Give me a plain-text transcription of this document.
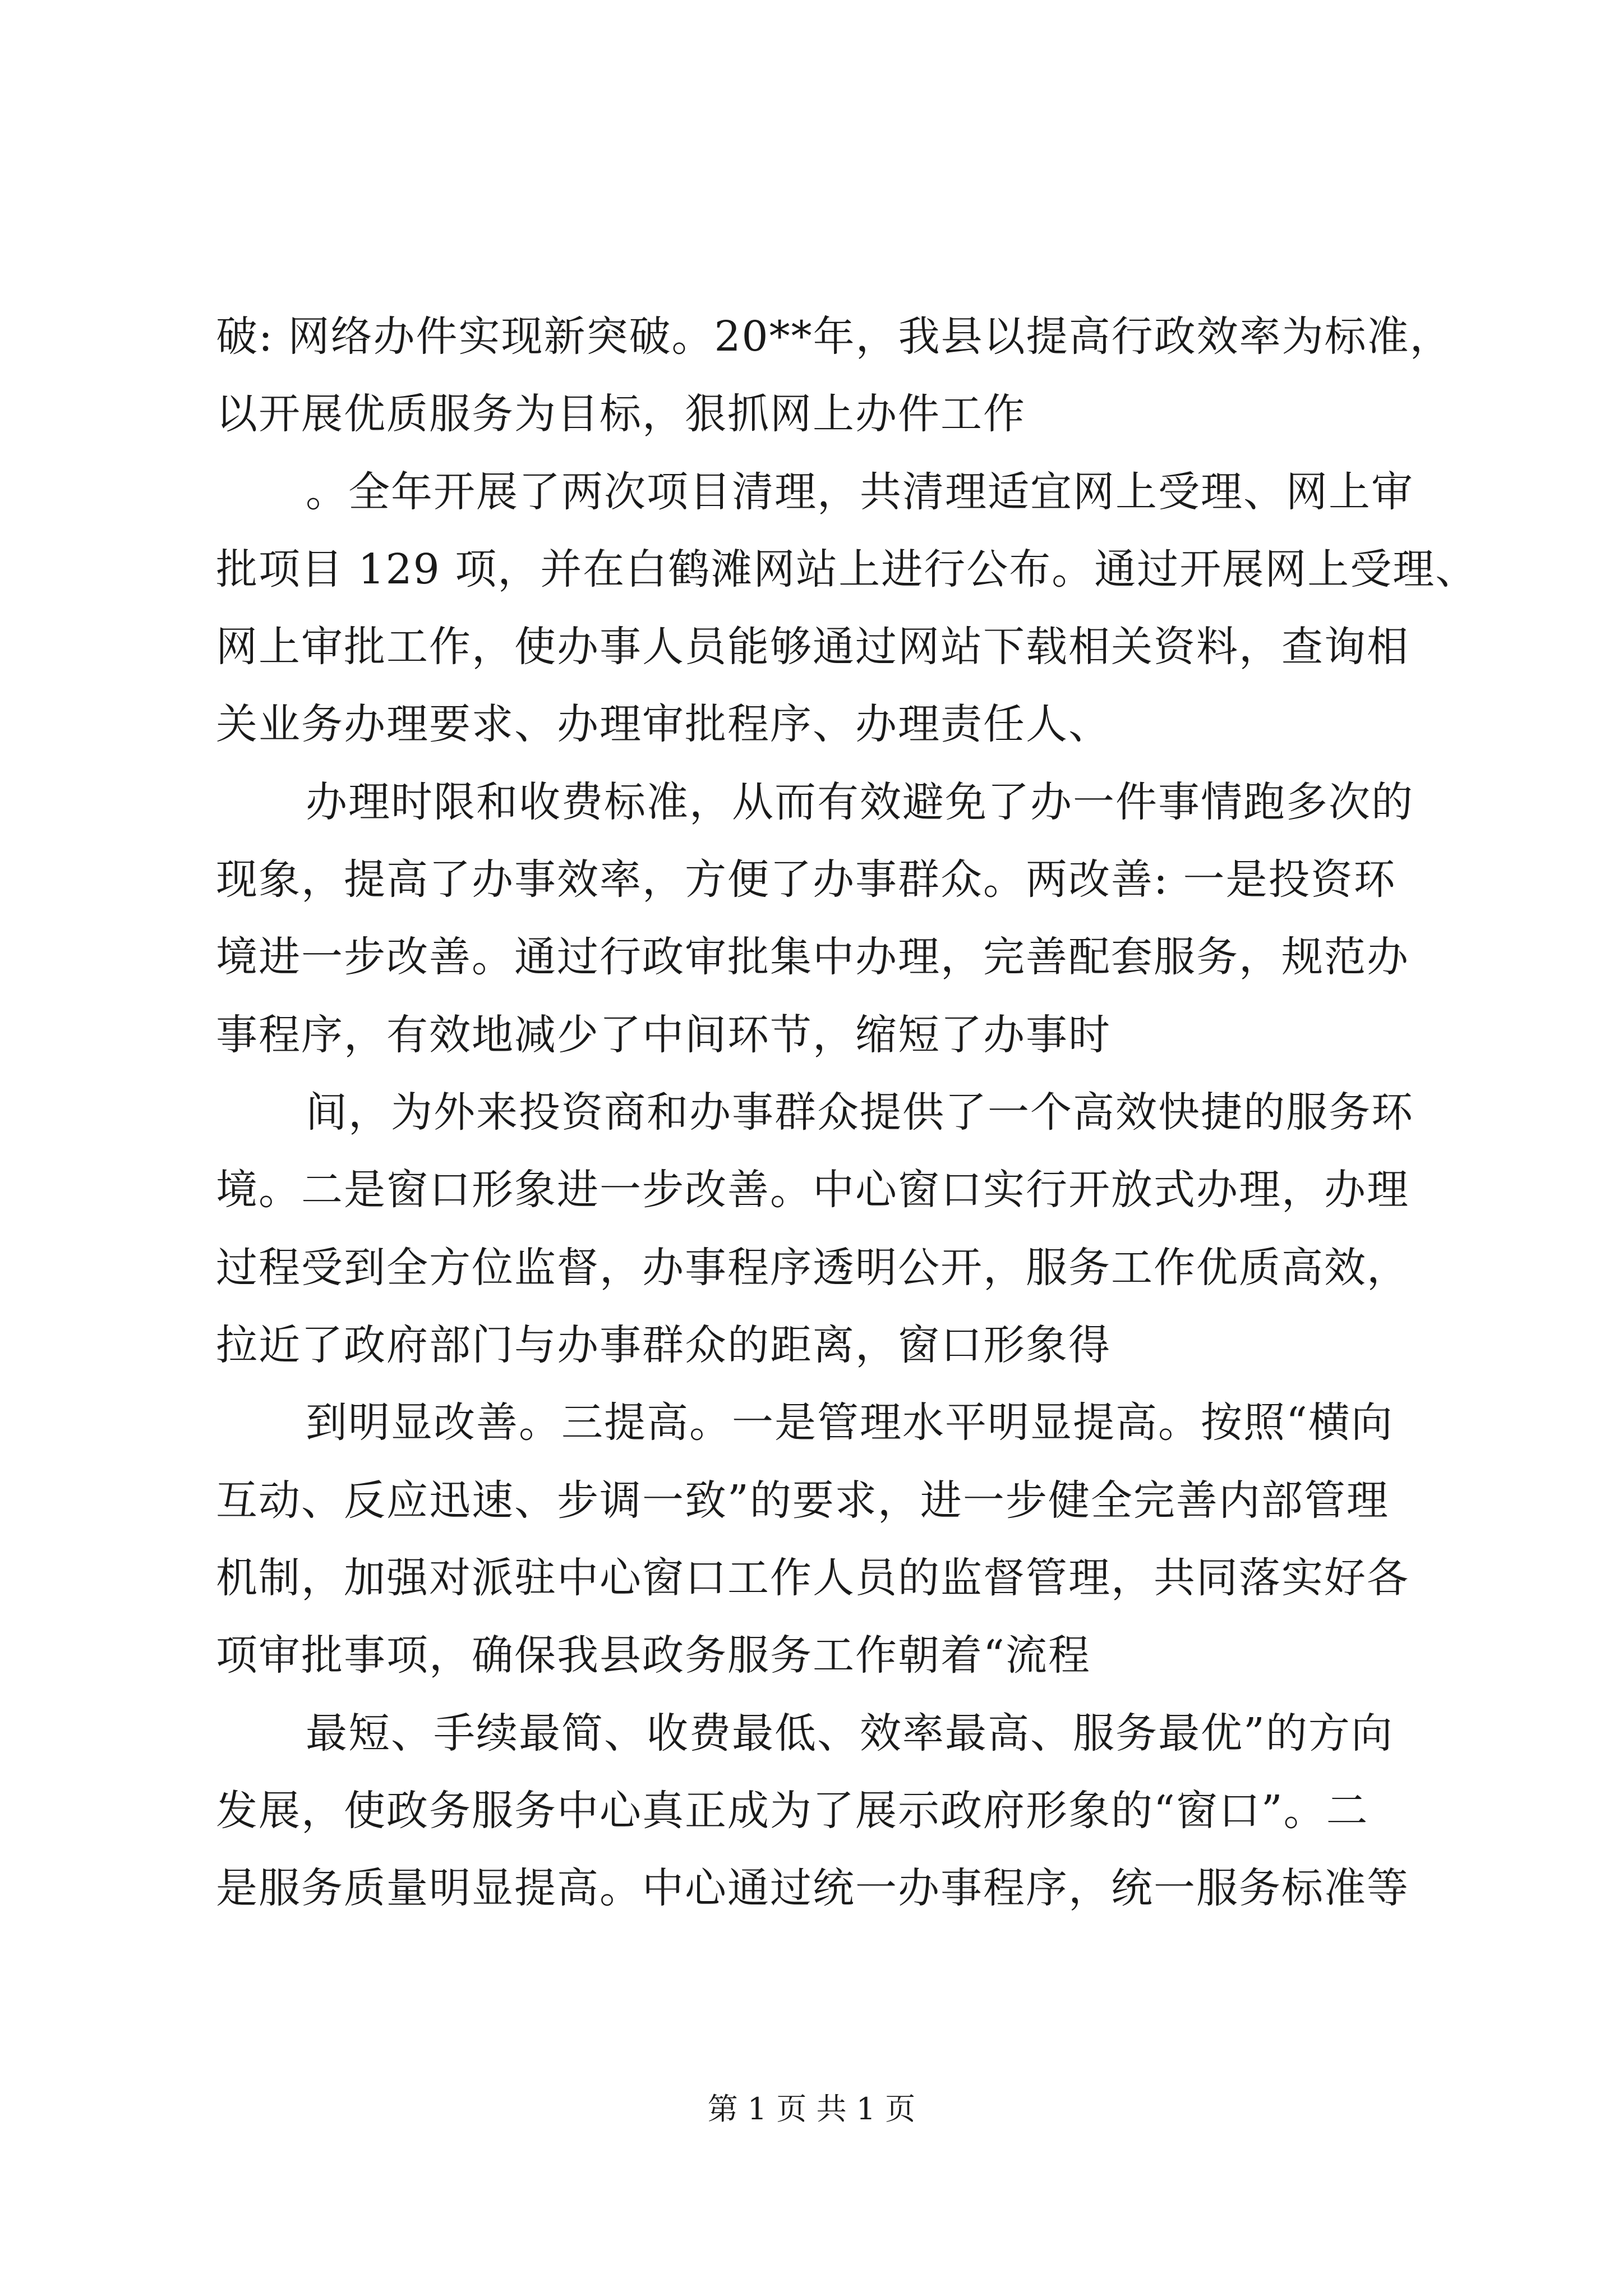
破: 网络办件实现新突破。20**年，我县以提高行政效率为标准，
以开展优质服务为目标，狠抓网上办件工作
。全年开展了两次项目清理，共清理适宜网上受理、网上审
批项目 129 项，并在白鹤滩网站上进行公布。通过开展网上受理、
网上审批工作，使办事人员能够通过网站下载相关资料，查询相
关业务办理要求、办理审批程序、办理责任人、
办理时限和收费标准，从而有效避免了办一件事情跑多次的
现象，提高了办事效率，方便了办事群众。两改善: 一是投资环
境进一步改善。通过行政审批集中办理，完善配套服务，规范办
事程序，有效地减少了中间环节，缩短了办事时
间，为外来投资商和办事群众提供了一个高效快捷的服务环
境。二是窗口形象进一步改善。中心窗口实行开放式办理，办理
过程受到全方位监督，办事程序透明公开，服务工作优质高效，
拉近了政府部门与办事群众的距离，窗口形象得
到明显改善。三提高。一是管理水平明显提高。按照“横向
互动、反应迅速、步调一致”的要求，进一步健全完善内部管理
机制，加强对派驻中心窗口工作人员的监督管理，共同落实好各
项审批事项，确保我县政务服务工作朝着“流程
最短、手续最简、收费最低、效率最高、服务最优”的方向
发展，使政务服务中心真正成为了展示政府形象的“窗口”。二
是服务质量明显提高。中心通过统一办事程序，统一服务标准等
第 1 页 共 1 页
